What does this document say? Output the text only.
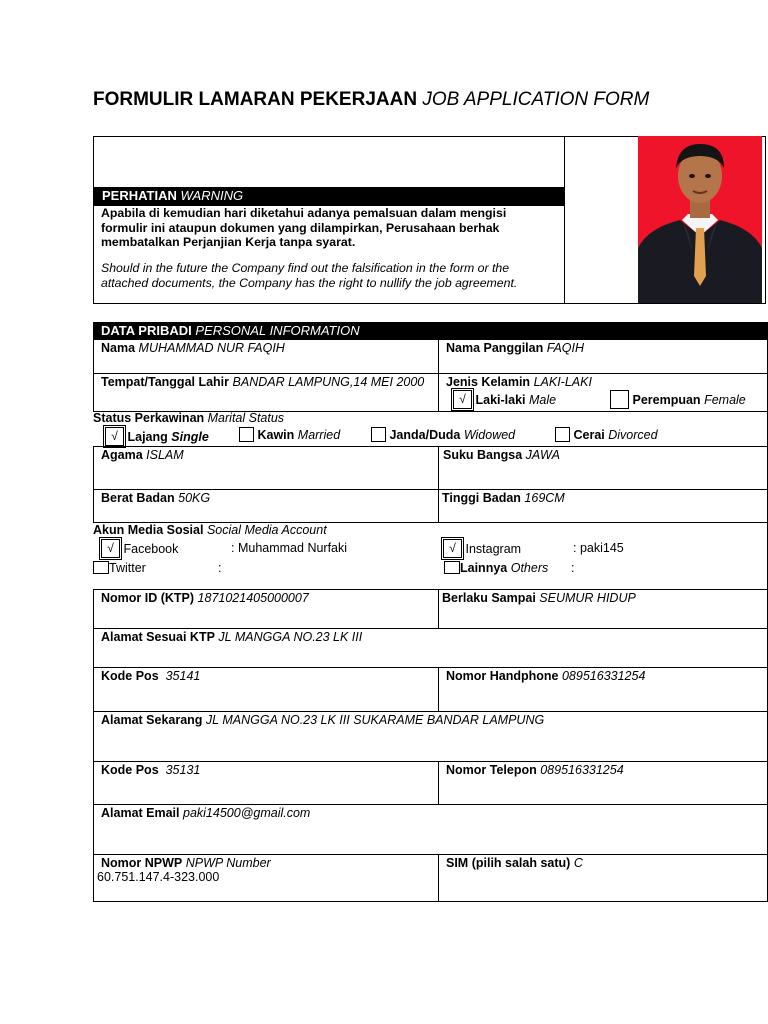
FORMULIR LAMARAN PEKERJAAN JOB APPLICATION FORM
PERHATIAN WARNING
Apabila di kemudian hari diketahui adanya pemalsuan dalam mengisi formulir ini ataupun dokumen yang dilampirkan, Perusahaan berhak membatalkan Perjanjian Kerja tanpa syarat.
Should in the future the Company find out the falsification in the form or the attached documents, the Company has the right to nullify the job agreement.
DATA PRIBADI PERSONAL INFORMATION
Nama MUHAMMAD NUR FAQIH	Nama Panggilan FAQIH
Tempat/Tanggal Lahir BANDAR LAMPUNG,14 MEI 2000	Jenis Kelamin LAKI-LAKI
√ Laki-laki Male	Perempuan Female
Status Perkawinan Marital Status
√ Lajang Single	Kawin Married	Janda/Duda Widowed	Cerai Divorced
Agama ISLAM	Suku Bangsa JAWA
Berat Badan 50KG	Tinggi Badan 169CM
Akun Media Sosial Social Media Account
√ Facebook	: Muhammad Nurfaki	√ Instagram	: paki145
Twitter	:	Lainnya Others :
Nomor ID (KTP) 1871021405000007	Berlaku Sampai SEUMUR HIDUP
Alamat Sesuai KTP JL MANGGA NO.23 LK III
Kode Pos 35141	Nomor Handphone 089516331254
Alamat Sekarang JL MANGGA NO.23 LK III SUKARAME BANDAR LAMPUNG
Kode Pos 35131	Nomor Telepon 089516331254
Alamat Email paki14500@gmail.com
Nomor NPWP NPWP Number
60.751.147.4-323.000
SIM (pilih salah satu) C
